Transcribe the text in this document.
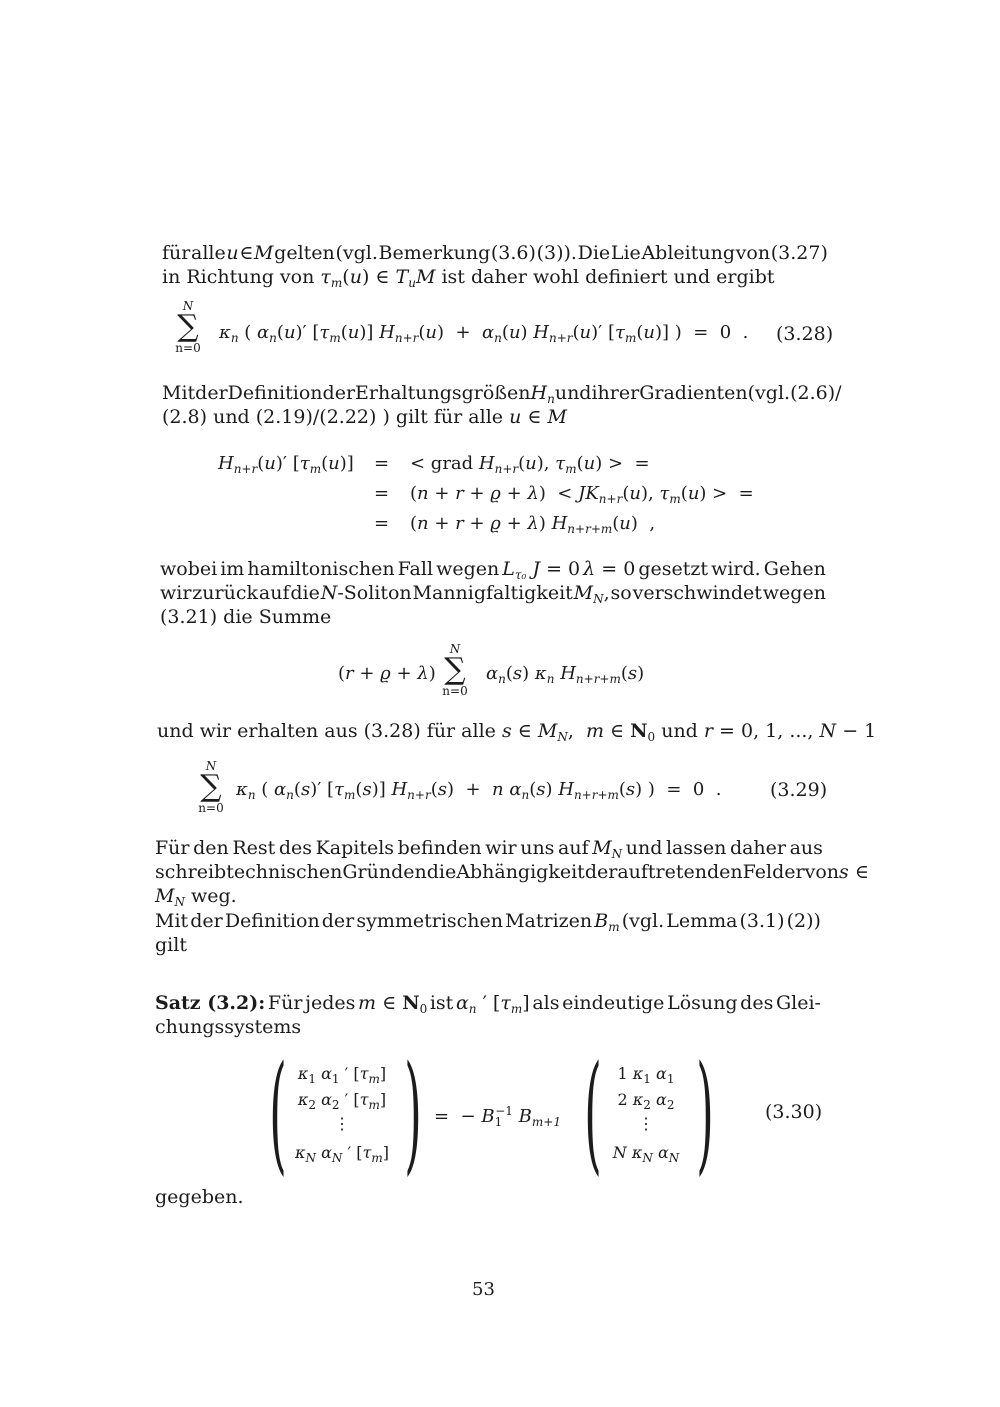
für alle u ∈ M gelten (vgl. Bemerkung (3.6) (3)). Die Lie Ableitung von (3.27)
in Richtung von $\tau_m(u)$ ∈ $T_uM$ ist daher wohl definiert und ergibt
N
∑
n=0
$\kappa_n$ ( $\alpha_n(u)'$ $[\tau_m(u)] H_{n+r}(u) + \alpha_n(u)$ $H_{n+r}(u)'$ $[\tau_m(u)]$ )  =  0  . (3.28)
Mit der Definition der Erhaltungsgrößen $H_n$ und ihrer Gradienten (vgl. (2.6)/
(2.8) und (2.19)/(2.22) ) gilt für alle u ∈ M
$H_{n+r}(u)'$ $[\tau_m(u)]$ =
=
=
< grad $H_{n+r}(u)$, $\tau_m(u)$ >  =
$(n + r + ϱ + \lambda) < JK_{n+r}(u)$, $\tau_m(u)$ >  =
(n + r + ϱ + λ) $H_{n+r+m}(u)$  ,
wobei im hamiltonischen Fall wegen $L_{\tau_0}$ J = 0 λ = 0 gesetzt wird. Gehen
wir zurück auf die N-Soliton Mannigfaltigkeit $M_N$, so verschwindet wegen
(3.21) die Summe
(r + ϱ + λ)
N
∑
n=0
$\alpha_n(s)$ $\kappa_n$ $H_{n+r+m}(s)$
und wir erhalten aus (3.28) für alle s ∈ $M_N$,  m ∈ $N_0$ und r = 0, 1, ..., N − 1
N
∑
n=0
$\kappa_n$ ( $\alpha_n(s)'$ $[\tau_m(s)] H_{n+r}(s) + n$ $\alpha_n(s)$ $H_{n+r+m}(s)$ )  =  0  .	(3.29)
Für den Rest des Kapitels befinden wir uns auf $M_N$ und lassen daher aus
schreibtechnischen Gründen die Abhängigkeit der auftretenden Felder von s ∈
$M_N$ weg.
Mit der Definition der symmetrischen Matrizen $B_m$ (vgl. Lemma (3.1) (2))
gilt
Satz (3.2): Für jedes m ∈ $N_0$ ist $\alpha_n$ ′ $[\tau_m]$ als eindeutige Lösung des Glei-
chungssystems
( )
$\kappa_1$ $\alpha_1$ ′ $[\tau_m]$
$\kappa_2$ $\alpha_2$ ′ $[\tau_m]$
⋮
$\kappa_N$ $\alpha_N$ ′ $[\tau_m]$
=  − $B_1^{-1}$ $B_{m+1}$ ( )
1 $\kappa_1$ $\alpha_1$
2 $\kappa_2$ $\alpha_2$
⋮
N $\kappa_N$ $\alpha_N$
(3.30)
gegeben.
53
